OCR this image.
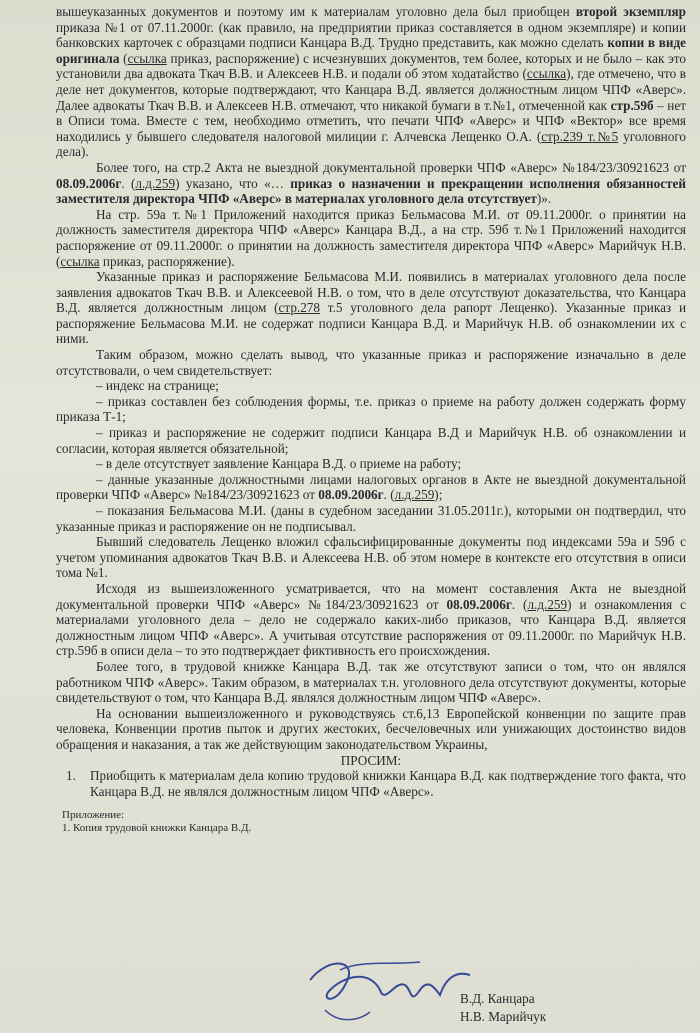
вышеуказанных документов и поэтому им к материалам уголовно дела был приобщен второй экземпляр приказа №1 от 07.11.2000г. (как правило, на предприятии приказ составляется в одном экземпляре) и копии банковских карточек с образцами подписи Канцара В.Д. Трудно представить, как можно сделать копии в виде оригинала (ссылка приказ, распоряжение) с исчезнувших документов, тем более, которых и не было – как это установили два адвоката Ткач В.В. и Алексеев Н.В. и подали об этом ходатайство (ссылка), где отмечено, что в деле нет документов, которые подтверждают, что Канцара В.Д. является должностным лицом ЧПФ «Аверс». Далее адвокаты Ткач В.В. и Алексеев Н.В. отмечают, что никакой бумаги в т.№1, отмеченной как стр.59б – нет в Описи тома. Вместе с тем, необходимо отметить, что печати ЧПФ «Аверс» и ЧПФ «Вектор» все время находились у бывшего следователя налоговой милиции г. Алчевска Лещенко О.А. (стр.239 т.№5 уголовного дела).

Более того, на стр.2 Акта не выездной документальной проверки ЧПФ «Аверс» №184/23/30921623 от 08.09.2006г. (л.д.259) указано, что «… приказ о назначении и прекращении исполнения обязанностей заместителя директора ЧПФ «Аверс» в материалах уголовного дела отсутствует)».

На стр. 59а т.№1 Приложений находится приказ Бельмасова М.И. от 09.11.2000г. о принятии на должность заместителя директора ЧПФ «Аверс» Канцара В.Д., а на стр. 59б т.№1 Приложений находится распоряжение от 09.11.2000г. о принятии на должность заместителя директора ЧПФ «Аверс» Марийчук Н.В. (ссылка приказ, распоряжение).

Указанные приказ и распоряжение Бельмасова М.И. появились в материалах уголовного дела после заявления адвокатов Ткач В.В. и Алексеевой Н.В. о том, что в деле отсутствуют доказательства, что Канцара В.Д. является должностным лицом (стр.278 т.5 уголовного дела рапорт Лещенко). Указанные приказ и распоряжение Бельмасова М.И. не содержат подписи Канцара В.Д. и Марийчук Н.В. об ознакомлении их с ними.

Таким образом, можно сделать вывод, что указанные приказ и распоряжение изначально в деле отсутствовали, о чем свидетельствует:

– индекс на странице;

– приказ составлен без соблюдения формы, т.е. приказ о приеме на работу должен содержать форму приказа Т-1;

– приказ и распоряжение не содержит подписи Канцара В.Д и Марийчук Н.В. об ознакомлении и согласии, которая является обязательной;

– в деле отсутствует заявление Канцара В.Д. о приеме на работу;

– данные указанные должностными лицами налоговых органов в Акте не выездной документальной проверки ЧПФ «Аверс» №184/23/30921623 от 08.09.2006г. (л.д.259);

– показания Бельмасова М.И. (даны в судебном заседании 31.05.2011г.), которыми он подтвердил, что указанные приказ и распоряжение он не подписывал.

Бывший следователь Лещенко вложил сфальсифицированные документы под индексами 59а и 59б с учетом упоминания адвокатов Ткач В.В. и Алексеева Н.В. об этом номере в контексте его отсутствия в описи тома №1.

Исходя из вышеизложенного усматривается, что на момент составления Акта не выездной документальной проверки ЧПФ «Аверс» №184/23/30921623 от 08.09.2006г. (л.д.259) и ознакомления с материалами уголовного дела – дело не содержало каких-либо приказов, что Канцара В.Д. является должностным лицом ЧПФ «Аверс». А учитывая отсутствие распоряжения от 09.11.2000г. по Марийчук Н.В. стр.59б в описи дела – то это подтверждает фиктивность его происхождения.

Более того, в трудовой книжке Канцара В.Д. так же отсутствуют записи о том, что он являлся работником ЧПФ «Аверс». Таким образом, в материалах т.н. уголовного дела отсутствуют документы, которые свидетельствуют о том, что Канцара В.Д. являлся должностным лицом ЧПФ «Аверс».

На основании вышеизложенного и руководствуясь ст.6,13 Европейской конвенции по защите прав человека, Конвенции против пыток и других жестоких, бесчеловечных или унижающих достоинство видов обращения и наказания, а так же действующим законодательством Украины,

ПРОСИМ:

1.	Приобщить к материалам дела копию трудовой книжки Канцара В.Д. как подтверждение того факта, что Канцара В.Д. не являлся должностным лицом ЧПФ «Аверс».
Приложение:
1. Копия трудовой книжки Канцара В.Д.
В.Д. Канцара
Н.В. Марийчук
